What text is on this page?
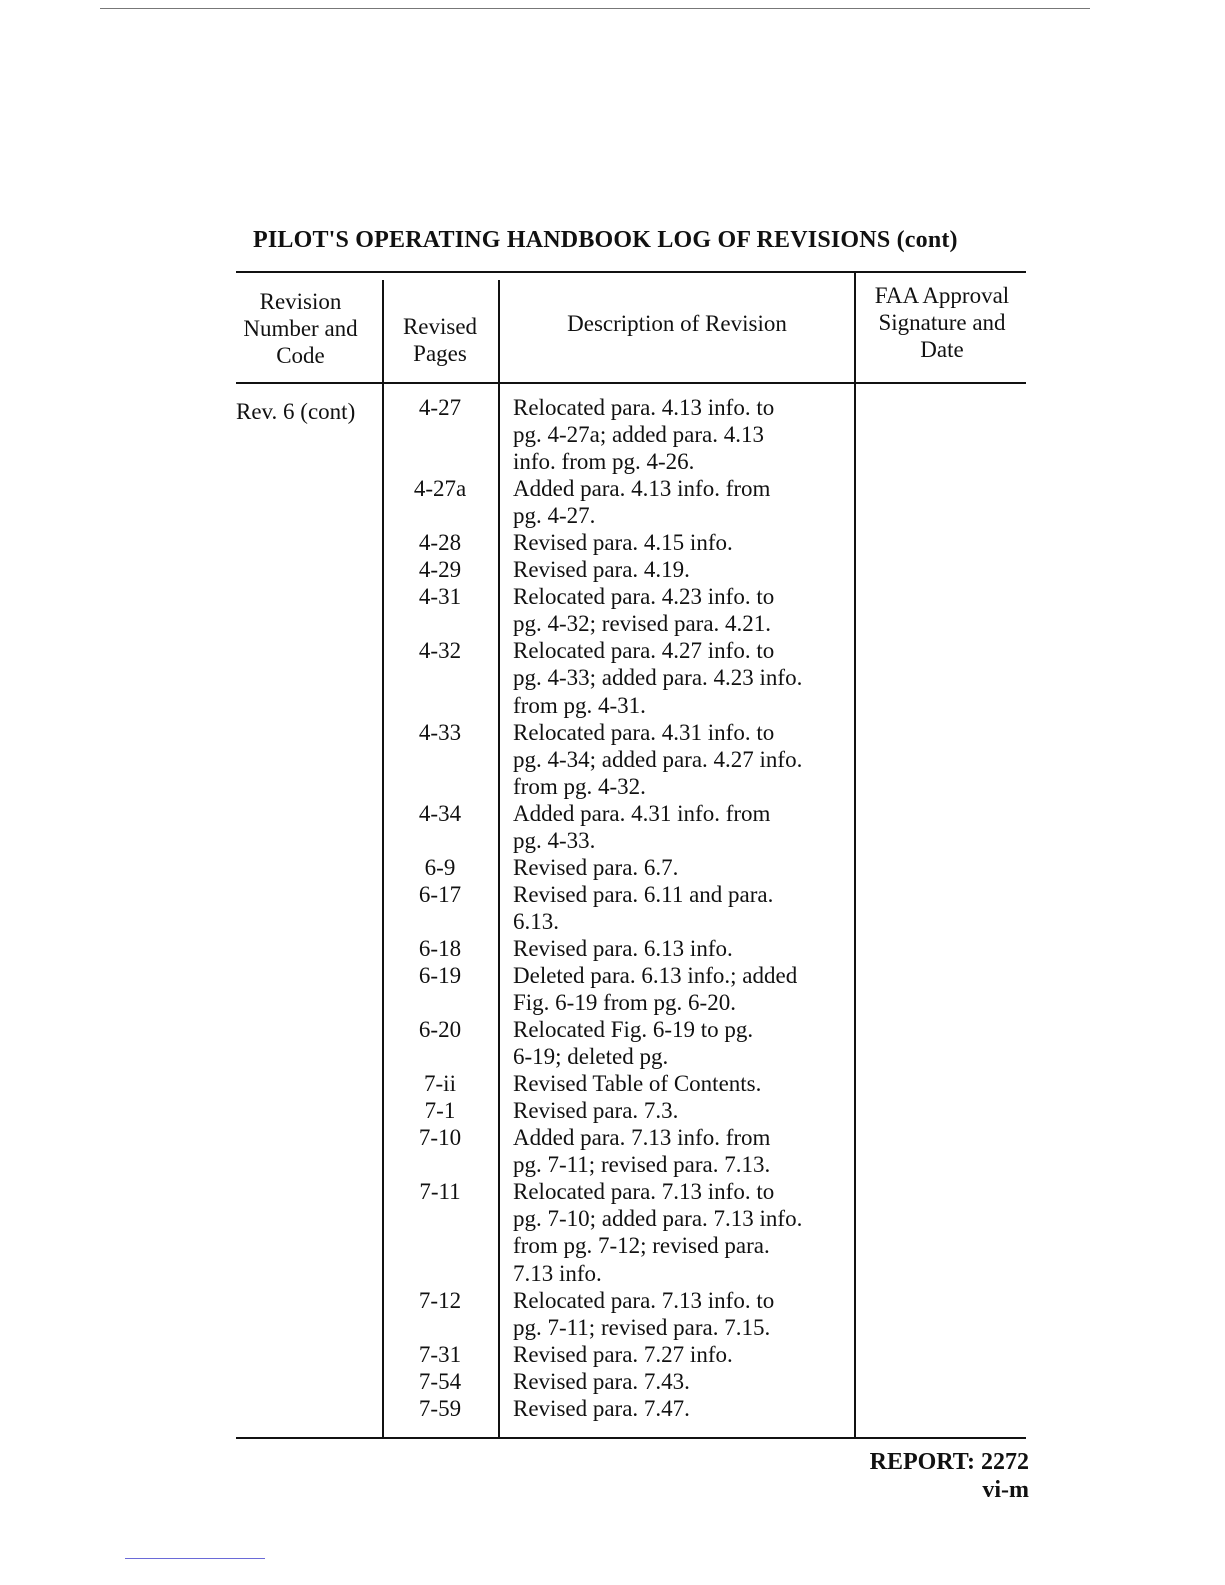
PILOT'S OPERATING HANDBOOK LOG OF REVISIONS (cont)
Revision
Number and
Code
Revised
Pages
Description of Revision
FAA Approval
Signature and
Date
Rev. 6 (cont)	4-27
4-27a
4-28
4-29
4-31
4-32
4-33
4-34
6-9
6-17
6-18
6-19
6-20
7-ii
7-1
7-10
7-11
7-12
7-31
7-54
7-59
Relocated para. 4.13 info. to
pg. 4-27a; added para. 4.13
info. from pg. 4-26.
Added para. 4.13 info. from
pg. 4-27.
Revised para. 4.15 info.
Revised para. 4.19.
Relocated para. 4.23 info. to
pg. 4-32; revised para. 4.21.
Relocated para. 4.27 info. to
pg. 4-33; added para. 4.23 info.
from pg. 4-31.
Relocated para. 4.31 info. to
pg. 4-34; added para. 4.27 info.
from pg. 4-32.
Added para. 4.31 info. from
pg. 4-33.
Revised para. 6.7.
Revised para. 6.11 and para.
6.13.
Revised para. 6.13 info.
Deleted para. 6.13 info.; added
Fig. 6-19 from pg. 6-20.
Relocated Fig. 6-19 to pg.
6-19; deleted pg.
Revised Table of Contents.
Revised para. 7.3.
Added para. 7.13 info. from
pg. 7-11; revised para. 7.13.
Relocated para. 7.13 info. to
pg. 7-10; added para. 7.13 info.
from pg. 7-12; revised para.
7.13 info.
Relocated para. 7.13 info. to
pg. 7-11; revised para. 7.15.
Revised para. 7.27 info.
Revised para. 7.43.
Revised para. 7.47.
REPORT: 2272
vi-m
